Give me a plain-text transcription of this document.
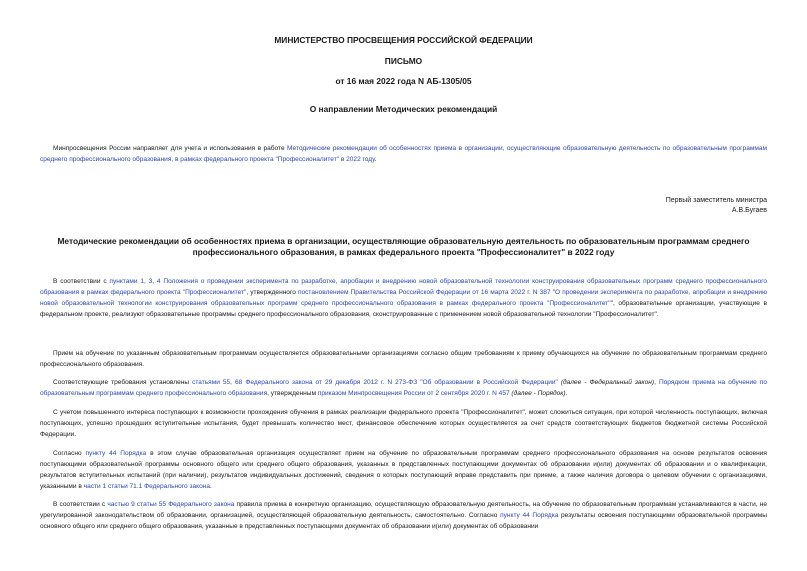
МИНИСТЕРСТВО ПРОСВЕЩЕНИЯ РОССИЙСКОЙ ФЕДЕРАЦИИ
ПИСЬМО
от 16 мая 2022 года N АБ-1305/05
О направлении Методических рекомендаций
Минпросвещения России направляет для учета и использования в работе Методические рекомендации об особенностях приема в организации, осуществляющие образовательную деятельность по образовательным программам среднего профессионального образования, в рамках федерального проекта "Профессионалитет" в 2022 году.
Первый заместитель министра
А.В.Бугаев
Методические рекомендации об особенностях приема в организации, осуществляющие образовательную деятельность по образовательным программам среднего профессионального образования, в рамках федерального проекта "Профессионалитет" в 2022 году
В соответствии с пунктами 1, 3, 4 Положения о проведении эксперимента по разработке, апробации и внедрению новой образовательной технологии конструирования образовательных программ среднего профессионального образования в рамках федерального проекта "Профессионалитет", утвержденного постановлением Правительства Российской Федерации от 16 марта 2022 г. N 387 "О проведении эксперимента по разработке, апробации и внедрению новой образовательной технологии конструирования образовательных программ среднего профессионального образования в рамках федерального проекта "Профессионалитет"", образовательные организации, участвующие в федеральном проекте, реализуют образовательные программы среднего профессионального образования, сконструированные с применением новой образовательной технологии "Профессионалитет".
Прием на обучение по указанным образовательным программам осуществляется образовательными организациями согласно общим требованиям к приему обучающихся на обучение по образовательным программам среднего профессионального образования.
Соответствующие требования установлены статьями 55, 68 Федерального закона от 29 декабря 2012 г. N 273-ФЗ "Об образовании в Российской Федерации" (далее - Федеральный закон), Порядком приема на обучение по образовательным программам среднего профессионального образования, утвержденным приказом Минпросвещения России от 2 сентября 2020 г. N 457 (далее - Порядок).
С учетом повышенного интереса поступающих к возможности прохождения обучения в рамках реализации федерального проекта "Профессионалитет", может сложиться ситуация, при которой численность поступающих, включая поступающих, успешно прошедших вступительные испытания, будет превышать количество мест, финансовое обеспечение которых осуществляется за счет средств соответствующих бюджетов бюджетной системы Российской Федерации.
Согласно пункту 44 Порядка в этом случае образовательная организация осуществляет прием на обучение по образовательным программам среднего профессионального образования на основе результатов освоения поступающими образовательной программы основного общего или среднего общего образования, указанных в представленных поступающими документах об образовании и(или) документах об образовании и о квалификации, результатов вступительных испытаний (при наличии), результатов индивидуальных достижений, сведения о которых поступающий вправе представить при приеме, а также наличия договора о целевом обучении с организациями, указанными в части 1 статьи 71.1 Федерального закона.
В соответствии с частью 9 статьи 55 Федерального закона правила приема в конкретную организацию, осуществляющую образовательную деятельность, на обучение по образовательным программам устанавливаются в части, не урегулированной законодательством об образовании, организацией, осуществляющей образовательную деятельность, самостоятельно. Согласно пункту 44 Порядка результаты освоения поступающими образовательной программы основного общего или среднего общего образования, указанные в представленных поступающими документах об образовании и(или) документах об образовании
